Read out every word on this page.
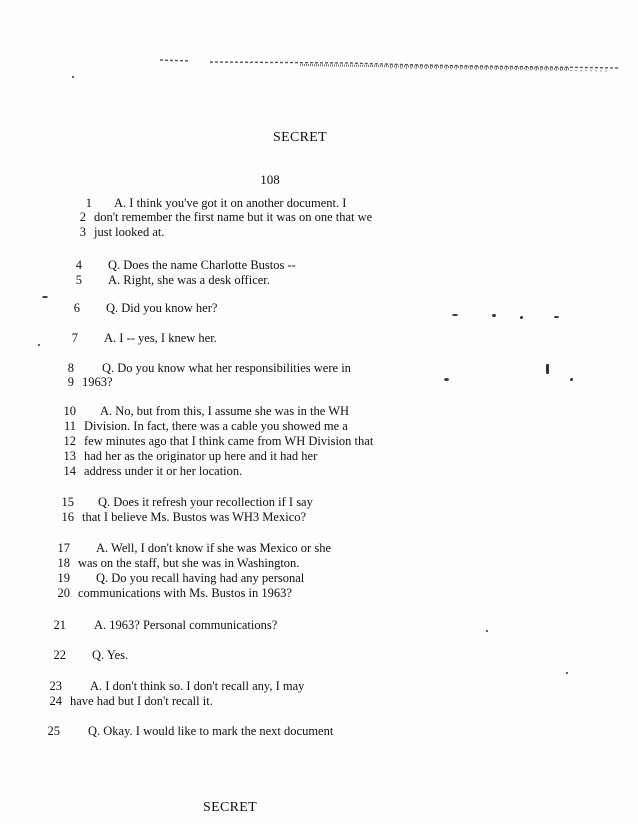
SECRET
108
1 A. I think you've got it on another document. I
2 don't remember the first name but it was on one that we
3 just looked at.
4 Q. Does the name Charlotte Bustos --
5 A. Right, she was a desk officer.
6 Q. Did you know her?
7 A. I -- yes, I knew her.
8 Q. Do you know what her responsibilities were in
9 1963?
10 A. No, but from this, I assume she was in the WH
11 Division. In fact, there was a cable you showed me a
12 few minutes ago that I think came from WH Division that
13 had her as the originator up here and it had her
14 address under it or her location.
15 Q. Does it refresh your recollection if I say
16 that I believe Ms. Bustos was WH3 Mexico?
17 A. Well, I don't know if she was Mexico or she
18 was on the staff, but she was in Washington.
19 Q. Do you recall having had any personal
20 communications with Ms. Bustos in 1963?
21 A. 1963? Personal communications?
22 Q. Yes.
23 A. I don't think so. I don't recall any, I may
24 have had but I don't recall it.
25 Q. Okay. I would like to mark the next document
SECRET
